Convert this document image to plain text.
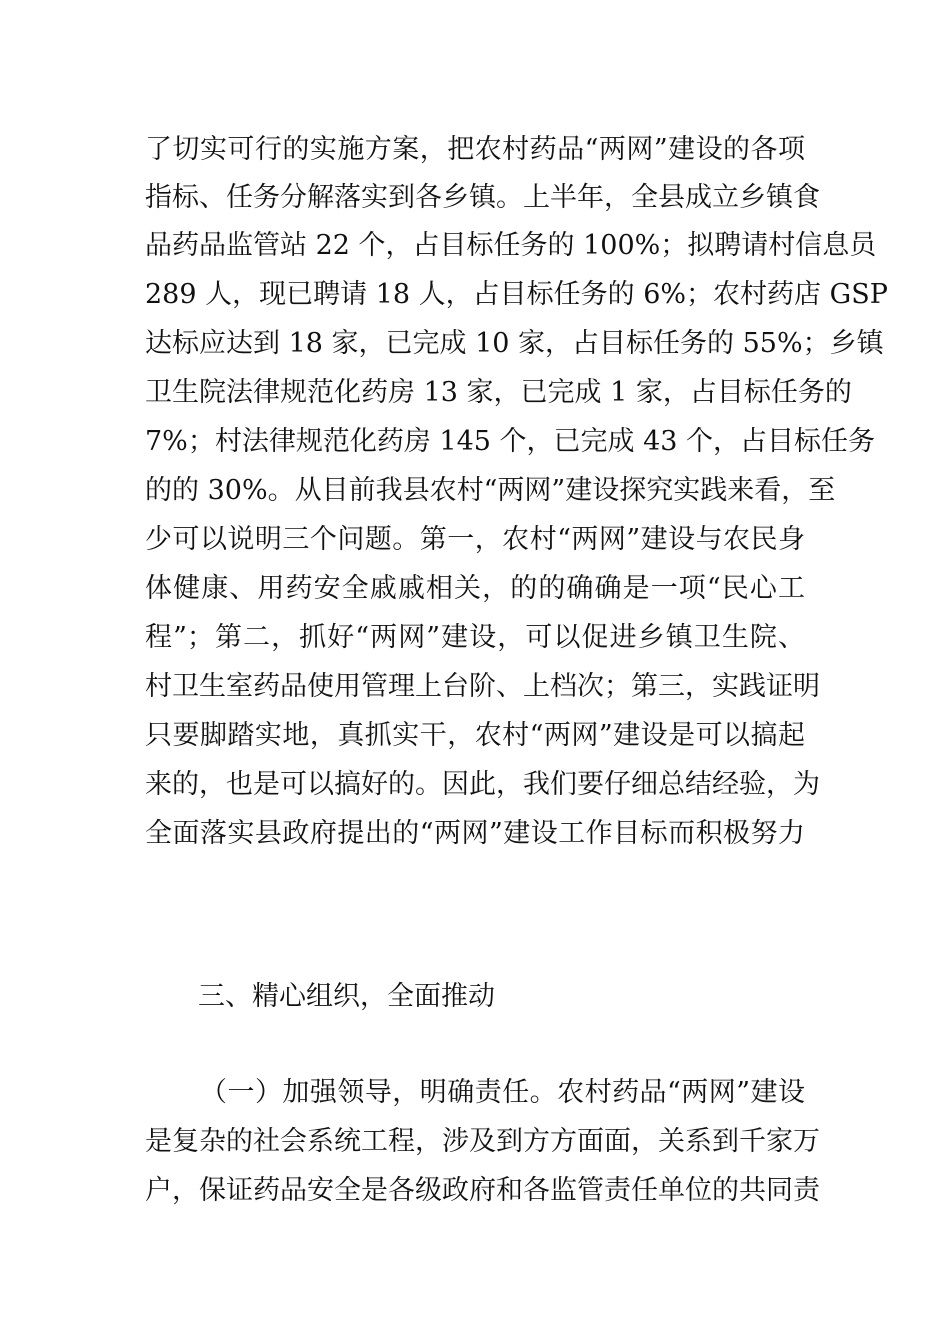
了切实可行的实施方案，把农村药品“两网”建设的各项
指标、任务分解落实到各乡镇。上半年，全县成立乡镇食
品药品监管站 22 个，占目标任务的 100%；拟聘请村信息员
289 人，现已聘请 18 人，占目标任务的 6%；农村药店 GSP
达标应达到 18 家，已完成 10 家，占目标任务的 55%；乡镇
卫生院法律规范化药房 13 家，已完成 1 家，占目标任务的
7%；村法律规范化药房 145 个，已完成 43 个，占目标任务
的的 30%。从目前我县农村“两网”建设探究实践来看，至
少可以说明三个问题。第一，农村“两网”建设与农民身
体健康、用药安全戚戚相关，的的确确是一项“民心工
程”；第二，抓好“两网”建设，可以促进乡镇卫生院、
村卫生室药品使用管理上台阶、上档次；第三，实践证明
只要脚踏实地，真抓实干，农村“两网”建设是可以搞起
来的，也是可以搞好的。因此，我们要仔细总结经验，为
全面落实县政府提出的“两网”建设工作目标而积极努力
三、精心组织，全面推动
（一）加强领导，明确责任。农村药品“两网”建设
是复杂的社会系统工程，涉及到方方面面，关系到千家万
户，保证药品安全是各级政府和各监管责任单位的共同责
